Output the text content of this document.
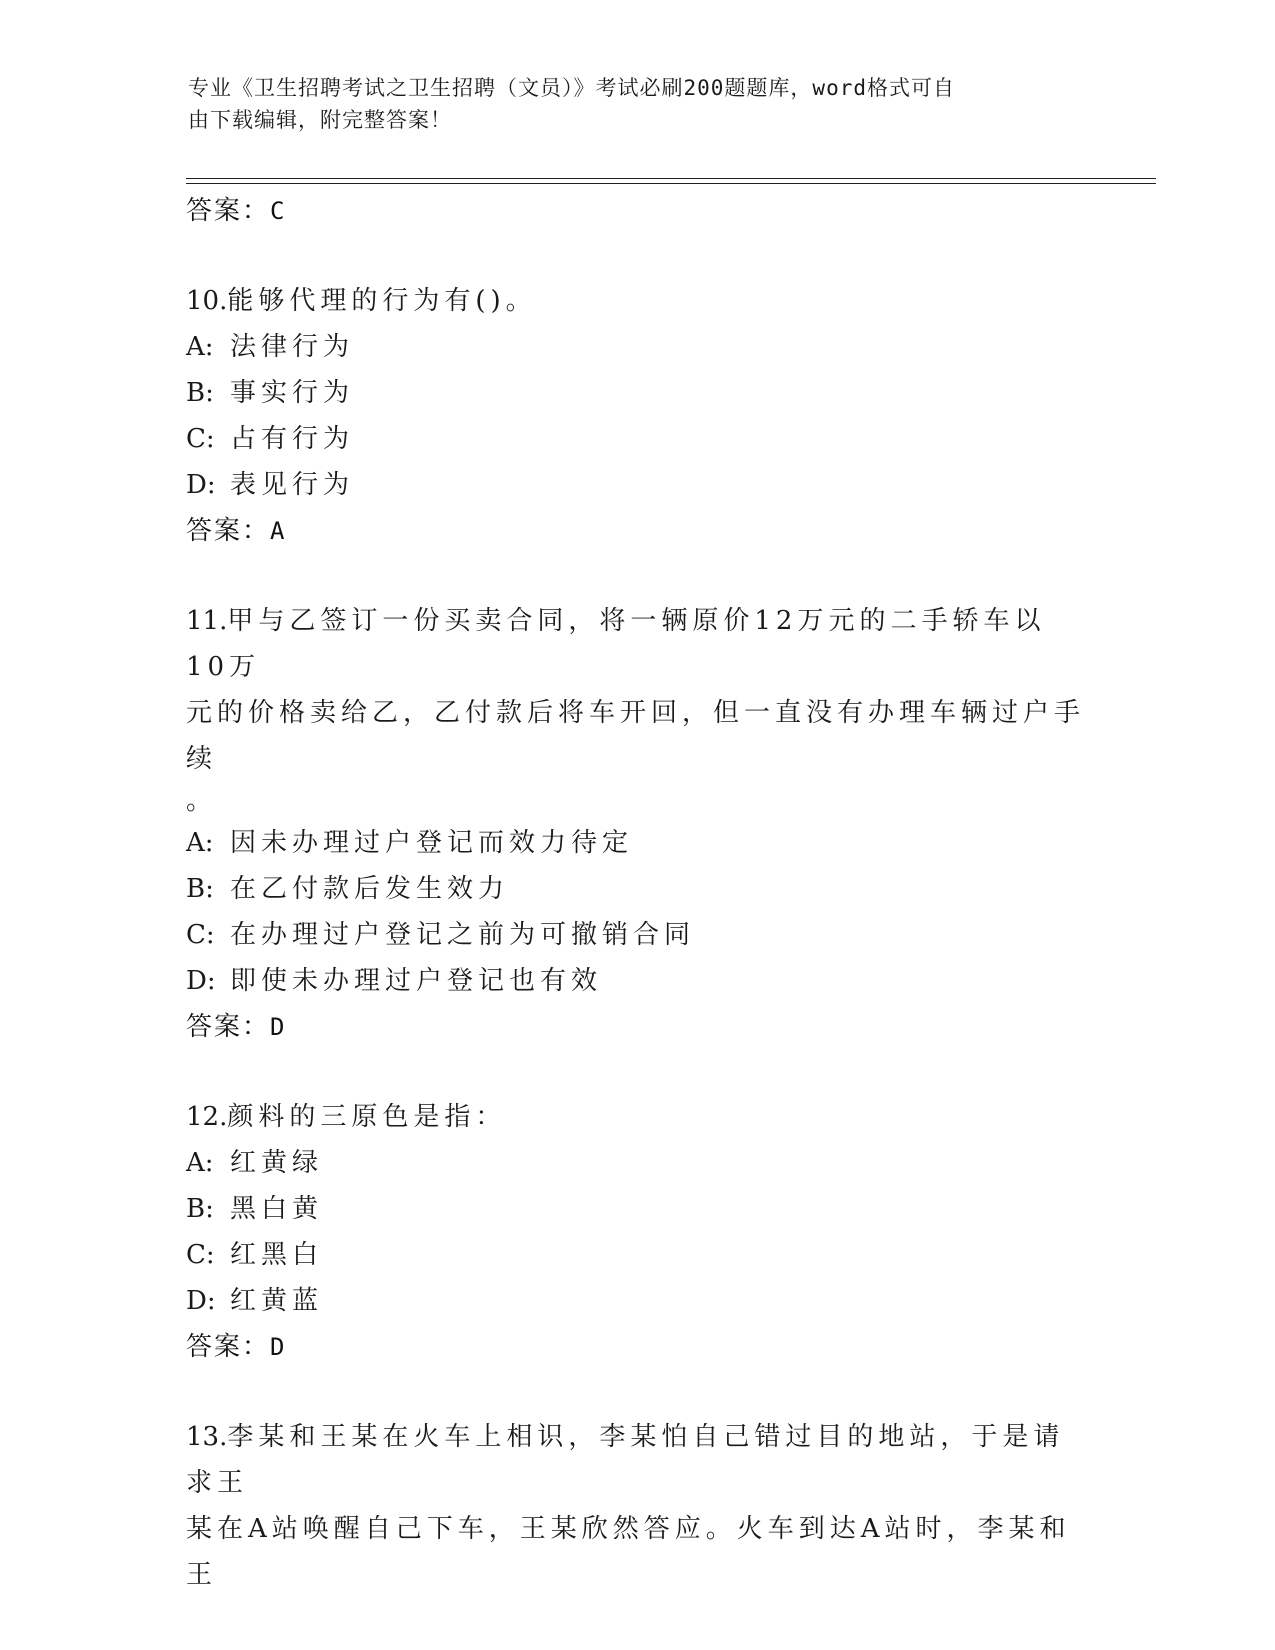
专业《卫生招聘考试之卫生招聘（文员）》考试必刷200题题库，word格式可自
由下载编辑，附完整答案！
答案：C
10.能够代理的行为有()。
A: 法律行为
B: 事实行为
C: 占有行为
D: 表见行为
答案：A
11.甲与乙签订一份买卖合同，将一辆原价12万元的二手轿车以10万
元的价格卖给乙，乙付款后将车开回，但一直没有办理车辆过户手续
。
A: 因未办理过户登记而效力待定
B: 在乙付款后发生效力
C: 在办理过户登记之前为可撤销合同
D: 即使未办理过户登记也有效
答案：D
12.颜料的三原色是指：
A: 红黄绿
B: 黑白黄
C: 红黑白
D: 红黄蓝
答案：D
13.李某和王某在火车上相识，李某怕自己错过目的地站，于是请求王
某在A站唤醒自己下车，王某欣然答应。火车到达A站时，李某和王
